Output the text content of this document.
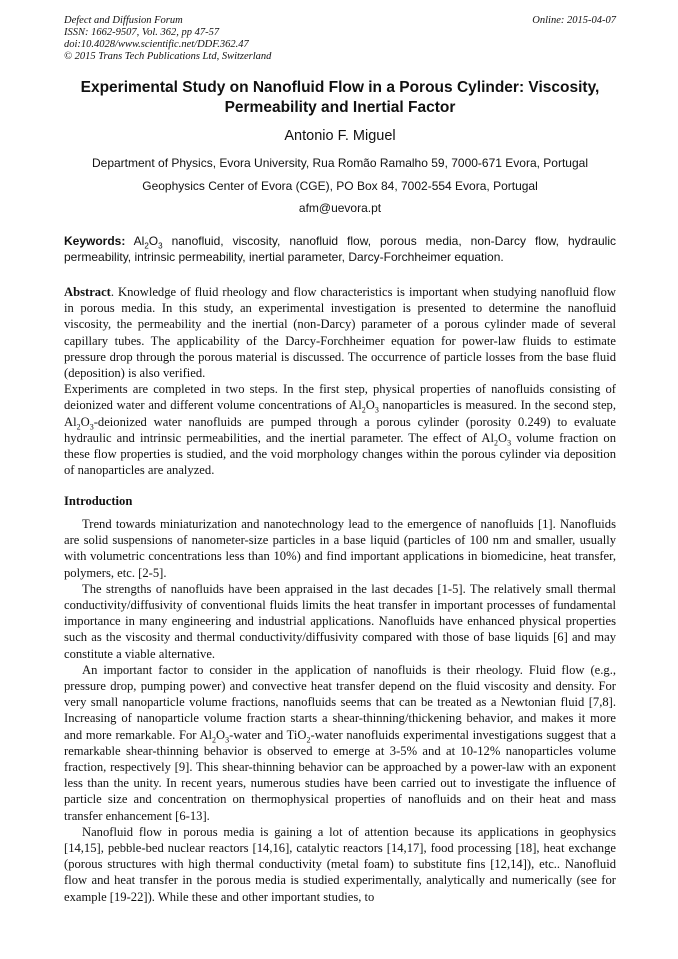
Defect and Diffusion Forum
ISSN: 1662-9507, Vol. 362, pp 47-57
doi:10.4028/www.scientific.net/DDF.362.47
© 2015 Trans Tech Publications Ltd, Switzerland
Online: 2015-04-07
Experimental Study on Nanofluid Flow in a Porous Cylinder: Viscosity,
Permeability and Inertial Factor
Antonio F. Miguel
Department of Physics, Evora University, Rua Romão Ramalho 59, 7000-671 Evora, Portugal
Geophysics Center of Evora (CGE), PO Box 84, 7002-554 Evora, Portugal
afm@uevora.pt
Keywords: $Al_2O_3$ nanofluid, viscosity, nanofluid flow, porous media, non-Darcy flow, hydraulic permeability, intrinsic permeability, inertial parameter, Darcy-Forchheimer equation.

Abstract. Knowledge of fluid rheology and flow characteristics is important when studying nanofluid flow in porous media. In this study, an experimental investigation is presented to determine the nanofluid viscosity, the permeability and the inertial (non-Darcy) parameter of a porous cylinder made of several capillary tubes. The applicability of the Darcy-Forchheimer equation for power-law fluids to estimate pressure drop through the porous material is discussed. The occurrence of particle losses from the base fluid (deposition) is also verified.

Experiments are completed in two steps. In the first step, physical properties of nanofluids consisting of deionized water and different volume concentrations of $Al_2O_3$ nanoparticles is measured. In the second step, $Al_2O_3$-deionized water nanofluids are pumped through a porous cylinder (porosity 0.249) to evaluate hydraulic and intrinsic permeabilities, and the inertial parameter. The effect of $Al_2O_3$ volume fraction on these flow properties is studied, and the void morphology changes within the porous cylinder via deposition of nanoparticles are analyzed.

Introduction

Trend towards miniaturization and nanotechnology lead to the emergence of nanofluids [1]. Nanofluids are solid suspensions of nanometer-size particles in a base liquid (particles of 100 nm and smaller, usually with volumetric concentrations less than 10%) and find important applications in biomedicine, heat transfer, polymers, etc. [2-5].

The strengths of nanofluids have been appraised in the last decades [1-5]. The relatively small thermal conductivity/diffusivity of conventional fluids limits the heat transfer in important processes of fundamental importance in many engineering and industrial applications. Nanofluids have enhanced physical properties such as the viscosity and thermal conductivity/diffusivity compared with those of base liquids [6] and may constitute a viable alternative.

An important factor to consider in the application of nanofluids is their rheology. Fluid flow (e.g., pressure drop, pumping power) and convective heat transfer depend on the fluid viscosity and density. For very small nanoparticle volume fractions, nanofluids seems that can be treated as a Newtonian fluid [7,8]. Increasing of nanoparticle volume fraction starts a shear-thinning/thickening behavior, and makes it more and more remarkable. For $Al_2O_3$-water and TiO$_2$-water nanofluids experimental investigations suggest that a remarkable shear-thinning behavior is observed to emerge at 3-5% and at 10-12% nanoparticles volume fraction, respectively [9]. This shear-thinning behavior can be approached by a power-law with an exponent less than the unity. In recent years, numerous studies have been carried out to investigate the influence of particle size and concentration on thermophysical properties of nanofluids and on their heat and mass transfer enhancement [6-13].

Nanofluid flow in porous media is gaining a lot of attention because its applications in geophysics [14,15], pebble-bed nuclear reactors [14,16], catalytic reactors [14,17], food processing [18], heat exchange (porous structures with high thermal conductivity (metal foam) to substitute fins [12,14]), etc.. Nanofluid flow and heat transfer in the porous media is studied experimentally, analytically and numerically (see for example [19-22]). While these and other important studies, to
